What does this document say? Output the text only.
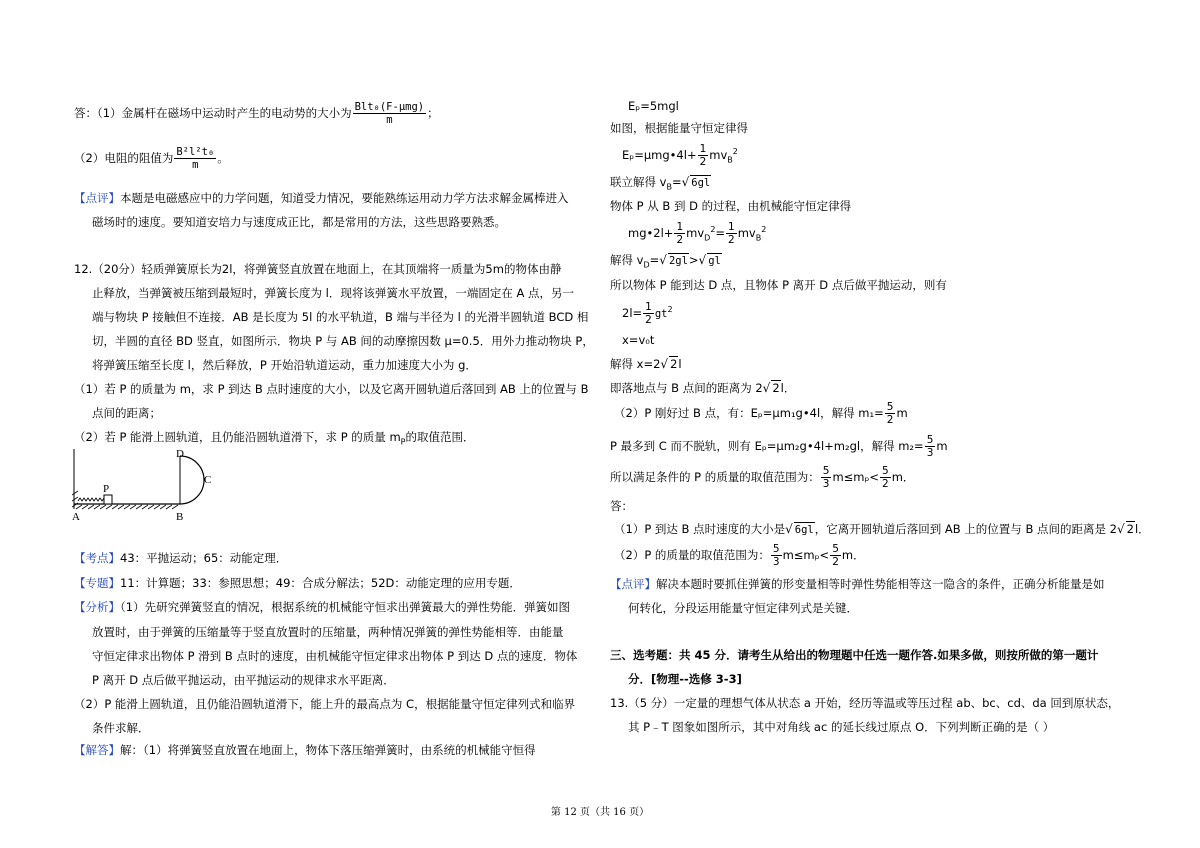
答：（1）金属杆在磁场中运动时产生的电动势的大小为 $\frac{\text{Blt₀(F-μmg)}}{m}$ ；
（2）电阻的阻值为 $\frac{\text{B²l²t₀}}{m}$ 。
【点评】本题是电磁感应中的力学问题，知道受力情况，要能熟练运用动力学方法求解金属棒进入
磁场时的速度。要知道安培力与速度成正比，都是常用的方法，这些思路要熟悉。
12.（20分）轻质弹簧原长为2l，将弹簧竖直放置在地面上，在其顶端将一质量为5m的物体由静
止释放，当弹簧被压缩到最短时，弹簧长度为 l．现将该弹簧水平放置，一端固定在 A 点，另一
端与物块 P 接触但不连接．AB 是长度为 5l 的水平轨道，B 端与半径为 l 的光滑半圆轨道 BCD 相
切，半圆的直径 BD 竖直，如图所示．物块 P 与 AB 间的动摩擦因数 μ=0.5．用外力推动物块 P，
将弹簧压缩至长度 l，然后释放，P 开始沿轨道运动，重力加速度大小为 g．
（1）若 P 的质量为 m，求 P 到达 B 点时速度的大小，以及它离开圆轨道后落回到 AB 上的位置与 B
点间的距离；
（2）若 P 能滑上圆轨道，且仍能沿圆轨道滑下，求 P 的质量 $m_P$的取值范围．
D
C
P
A	B
【考点】43：平抛运动；65：动能定理．
【专题】11：计算题；33：参照思想；49：合成分解法；52D：动能定理的应用专题．
【分析】（1）先研究弹簧竖直的情况，根据系统的机械能守恒求出弹簧最大的弹性势能．弹簧如图
放置时，由于弹簧的压缩量等于竖直放置时的压缩量，两种情况弹簧的弹性势能相等．由能量
守恒定律求出物体 P 滑到 B 点时的速度，由机械能守恒定律求出物体 P 到达 D 点的速度．物体
P 离开 D 点后做平抛运动，由平抛运动的规律求水平距离．
（2）P 能滑上圆轨道，且仍能沿圆轨道滑下，能上升的最高点为 C，根据能量守恒定律列式和临界
条件求解．
【解答】解：（1）将弹簧竖直放置在地面上，物体下落压缩弹簧时，由系统的机械能守恒得
Eₚ=5mgl
如图，根据能量守恒定律得
Eₚ=μmg•4l+ $\frac{1}{2} mv_B^2$
联立解得 $v_B=√$ 6gl
物体 P 从 B 到 D 的过程，由机械能守恒定律得
mg•2l+ $\frac{1}{2} mv_D^2= \frac{1}{2} mv_B^2$
解得 $v_D=√$ 2gl>√ gl
所以物体 P 能到达 D 点，且物体 P 离开 D 点后做平抛运动，则有
$2l= \frac{1}{2} gt^2$
x=v₀t
解得 x=2√ 2l
即落地点与 B 点间的距离为 2√ 2l．
（2）P 刚好过 B 点，有：Eₚ=μm₁g•4l，解得 $m_1= \frac{5}{2}$ m
P 最多到 C 而不脱轨，则有 Eₚ=μm₂g•4l+m₂gl，解得 $m_2= \frac{5}{3}$ m
所以满足条件的 P 的质量的取值范围为： $\frac{5}{3} m\le m_p< \frac{5}{2}$ m．
答：
（1）P 到达 B 点时速度的大小是√ 6gl，它离开圆轨道后落回到 AB 上的位置与 B 点间的距离是 2√ 2l．
（2）P 的质量的取值范围为： $\frac{5}{3} m\le m_p< \frac{5}{2}$ m．
【点评】解决本题时要抓住弹簧的形变量相等时弹性势能相等这一隐含的条件，正确分析能量是如
何转化，分段运用能量守恒定律列式是关键．
三、选考题：共 45 分．请考生从给出的物理题中任选一题作答.如果多做，则按所做的第一题计
分．[物理--选修 3-3]
13.（5 分）一定量的理想气体从状态 a 开始，经历等温或等压过程 ab、bc、cd、da 回到原状态，
其 P﹣T 图象如图所示，其中对角线 ac 的延长线过原点 O．下列判断正确的是（ ）
第 12 页（共 16 页）
